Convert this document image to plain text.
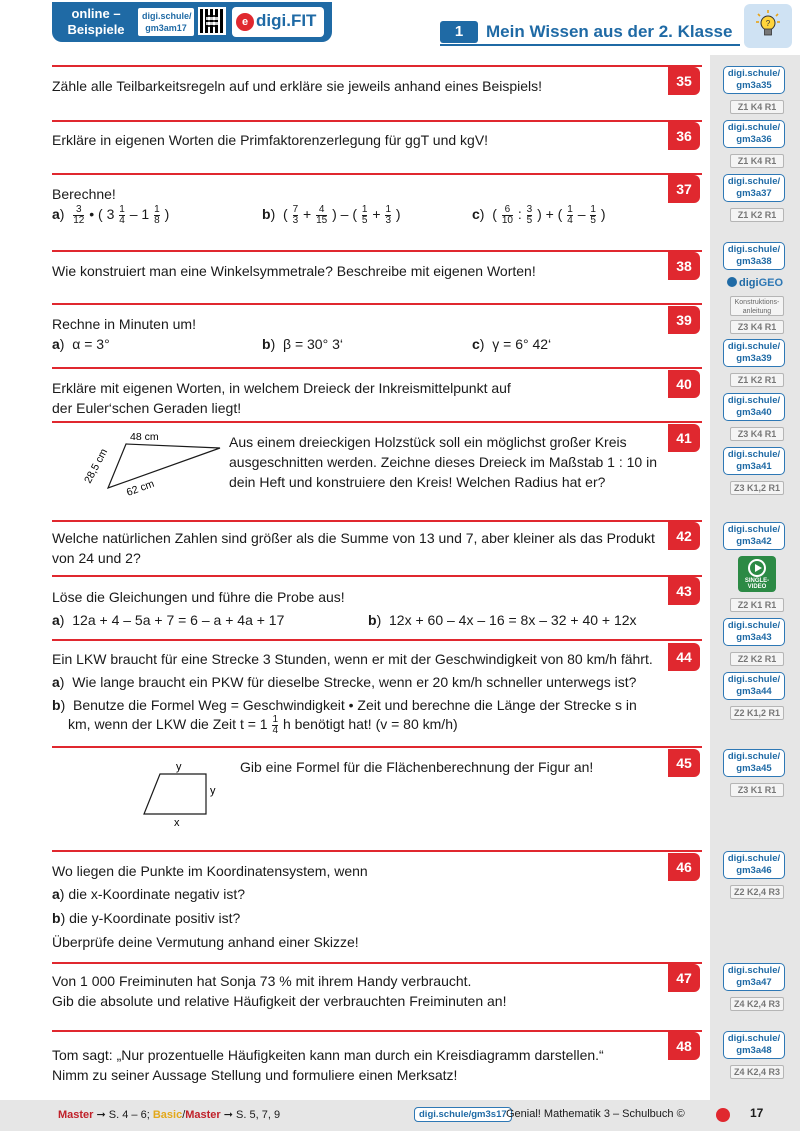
online –
Beispiele
digi.schule/
gm3am17	e digi.FIT
1	Mein Wissen aus der 2. Klasse	?
digi.schule/
gm3a35
Z1 K4 R1
digi.schule/
gm3a36
Z1 K4 R1
digi.schule/
gm3a37
Z1 K2 R1
digi.schule/
gm3a38
digiGEO
Konstruktions-
anleitung
Z3 K4 R1
digi.schule/
gm3a39
Z1 K2 R1
digi.schule/
gm3a40
Z3 K4 R1
digi.schule/
gm3a41
Z3 K1,2 R1
digi.schule/
gm3a42
SINGLE-
VIDEO
Z2 K1 R1
digi.schule/
gm3a43
Z2 K2 R1
digi.schule/
gm3a44
Z2 K1,2 R1
digi.schule/
gm3a45
Z3 K1 R1
digi.schule/
gm3a46
Z2 K2,4 R3
digi.schule/
gm3a47
Z4 K2,4 R3
digi.schule/
gm3a48
Z4 K2,4 R3
35
Zähle alle Teilbarkeitsregeln auf und erkläre sie jeweils anhand eines Beispiels!
36
Erkläre in eigenen Worten die Primfaktorenzerlegung für ggT und kgV!
37
Berechne!
$a) \frac{3}{12}$ • ( $3 \frac{1}{4} - 1 \frac{1}{8}$ )	b)  ( $\frac{7}{3} + \frac{4}{15}$ ) – ( $\frac{1}{5} + \frac{1}{3}$ )	c)  ( $\frac{6}{10}$ : $\frac{3}{5}$ ) + ( $\frac{1}{4} - \frac{1}{5}$ )
38
Wie konstruiert man eine Winkelsymmetrale? Beschreibe mit eigenen Worten!
39
Rechne in Minuten um!
a)  α = 3°	b)  β = 30° 3‘	c)  γ = 6° 42‘
40
Erkläre mit eigenen Worten, in welchem Dreieck der Inkreismittelpunkt auf
der Euler‘schen Geraden liegt!
41
48 cm
28,5 cm
62 cm
Aus einem dreieckigen Holzstück soll ein möglichst großer Kreis
ausgeschnitten werden. Zeichne dieses Dreieck im Maßstab 1 : 10 in
dein Heft und konstruiere den Kreis! Welchen Radius hat er?
42
Welche natürlichen Zahlen sind größer als die Summe von 13 und 7, aber kleiner als das Produkt
von 24 und 2?
43
Löse die Gleichungen und führe die Probe aus!
a)  12a + 4 – 5a + 7 = 6 – a + 4a + 17	b)  12x + 60 – 4x – 16 = 8x – 32 + 40 + 12x
44
Ein LKW braucht für eine Strecke 3 Stunden, wenn er mit der Geschwindigkeit von 80 km/h fährt.
a)  Wie lange braucht ein PKW für dieselbe Strecke, wenn er 20 km/h schneller unterwegs ist?
b)  Benutze die Formel Weg = Geschwindigkeit • Zeit und berechne die Länge der Strecke s in
km, wenn der LKW die Zeit $t = 1 \frac{1}{4}$ h benötigt hat! (v = 80 km/h)
45
y
y
x
Gib eine Formel für die Flächenberechnung der Figur an!
46
Wo liegen die Punkte im Koordinatensystem, wenn
a) die x-Koordinate negativ ist?
b) die y-Koordinate positiv ist?
Überprüfe deine Vermutung anhand einer Skizze!
47
Von 1 000 Freiminuten hat Sonja 73 % mit ihrem Handy verbraucht.
Gib die absolute und relative Häufigkeit der verbrauchten Freiminuten an!
48
Tom sagt: „Nur prozentuelle Häufigkeiten kann man durch ein Kreisdiagramm darstellen.“
Nimm zu seiner Aussage Stellung und formuliere einen Merksatz!
Master ➞ S. 4 – 6; Basic/Master ➞ S. 5, 7, 9	digi.schule/gm3s17 Genial! Mathematik 3 – Schulbuch ©	17
